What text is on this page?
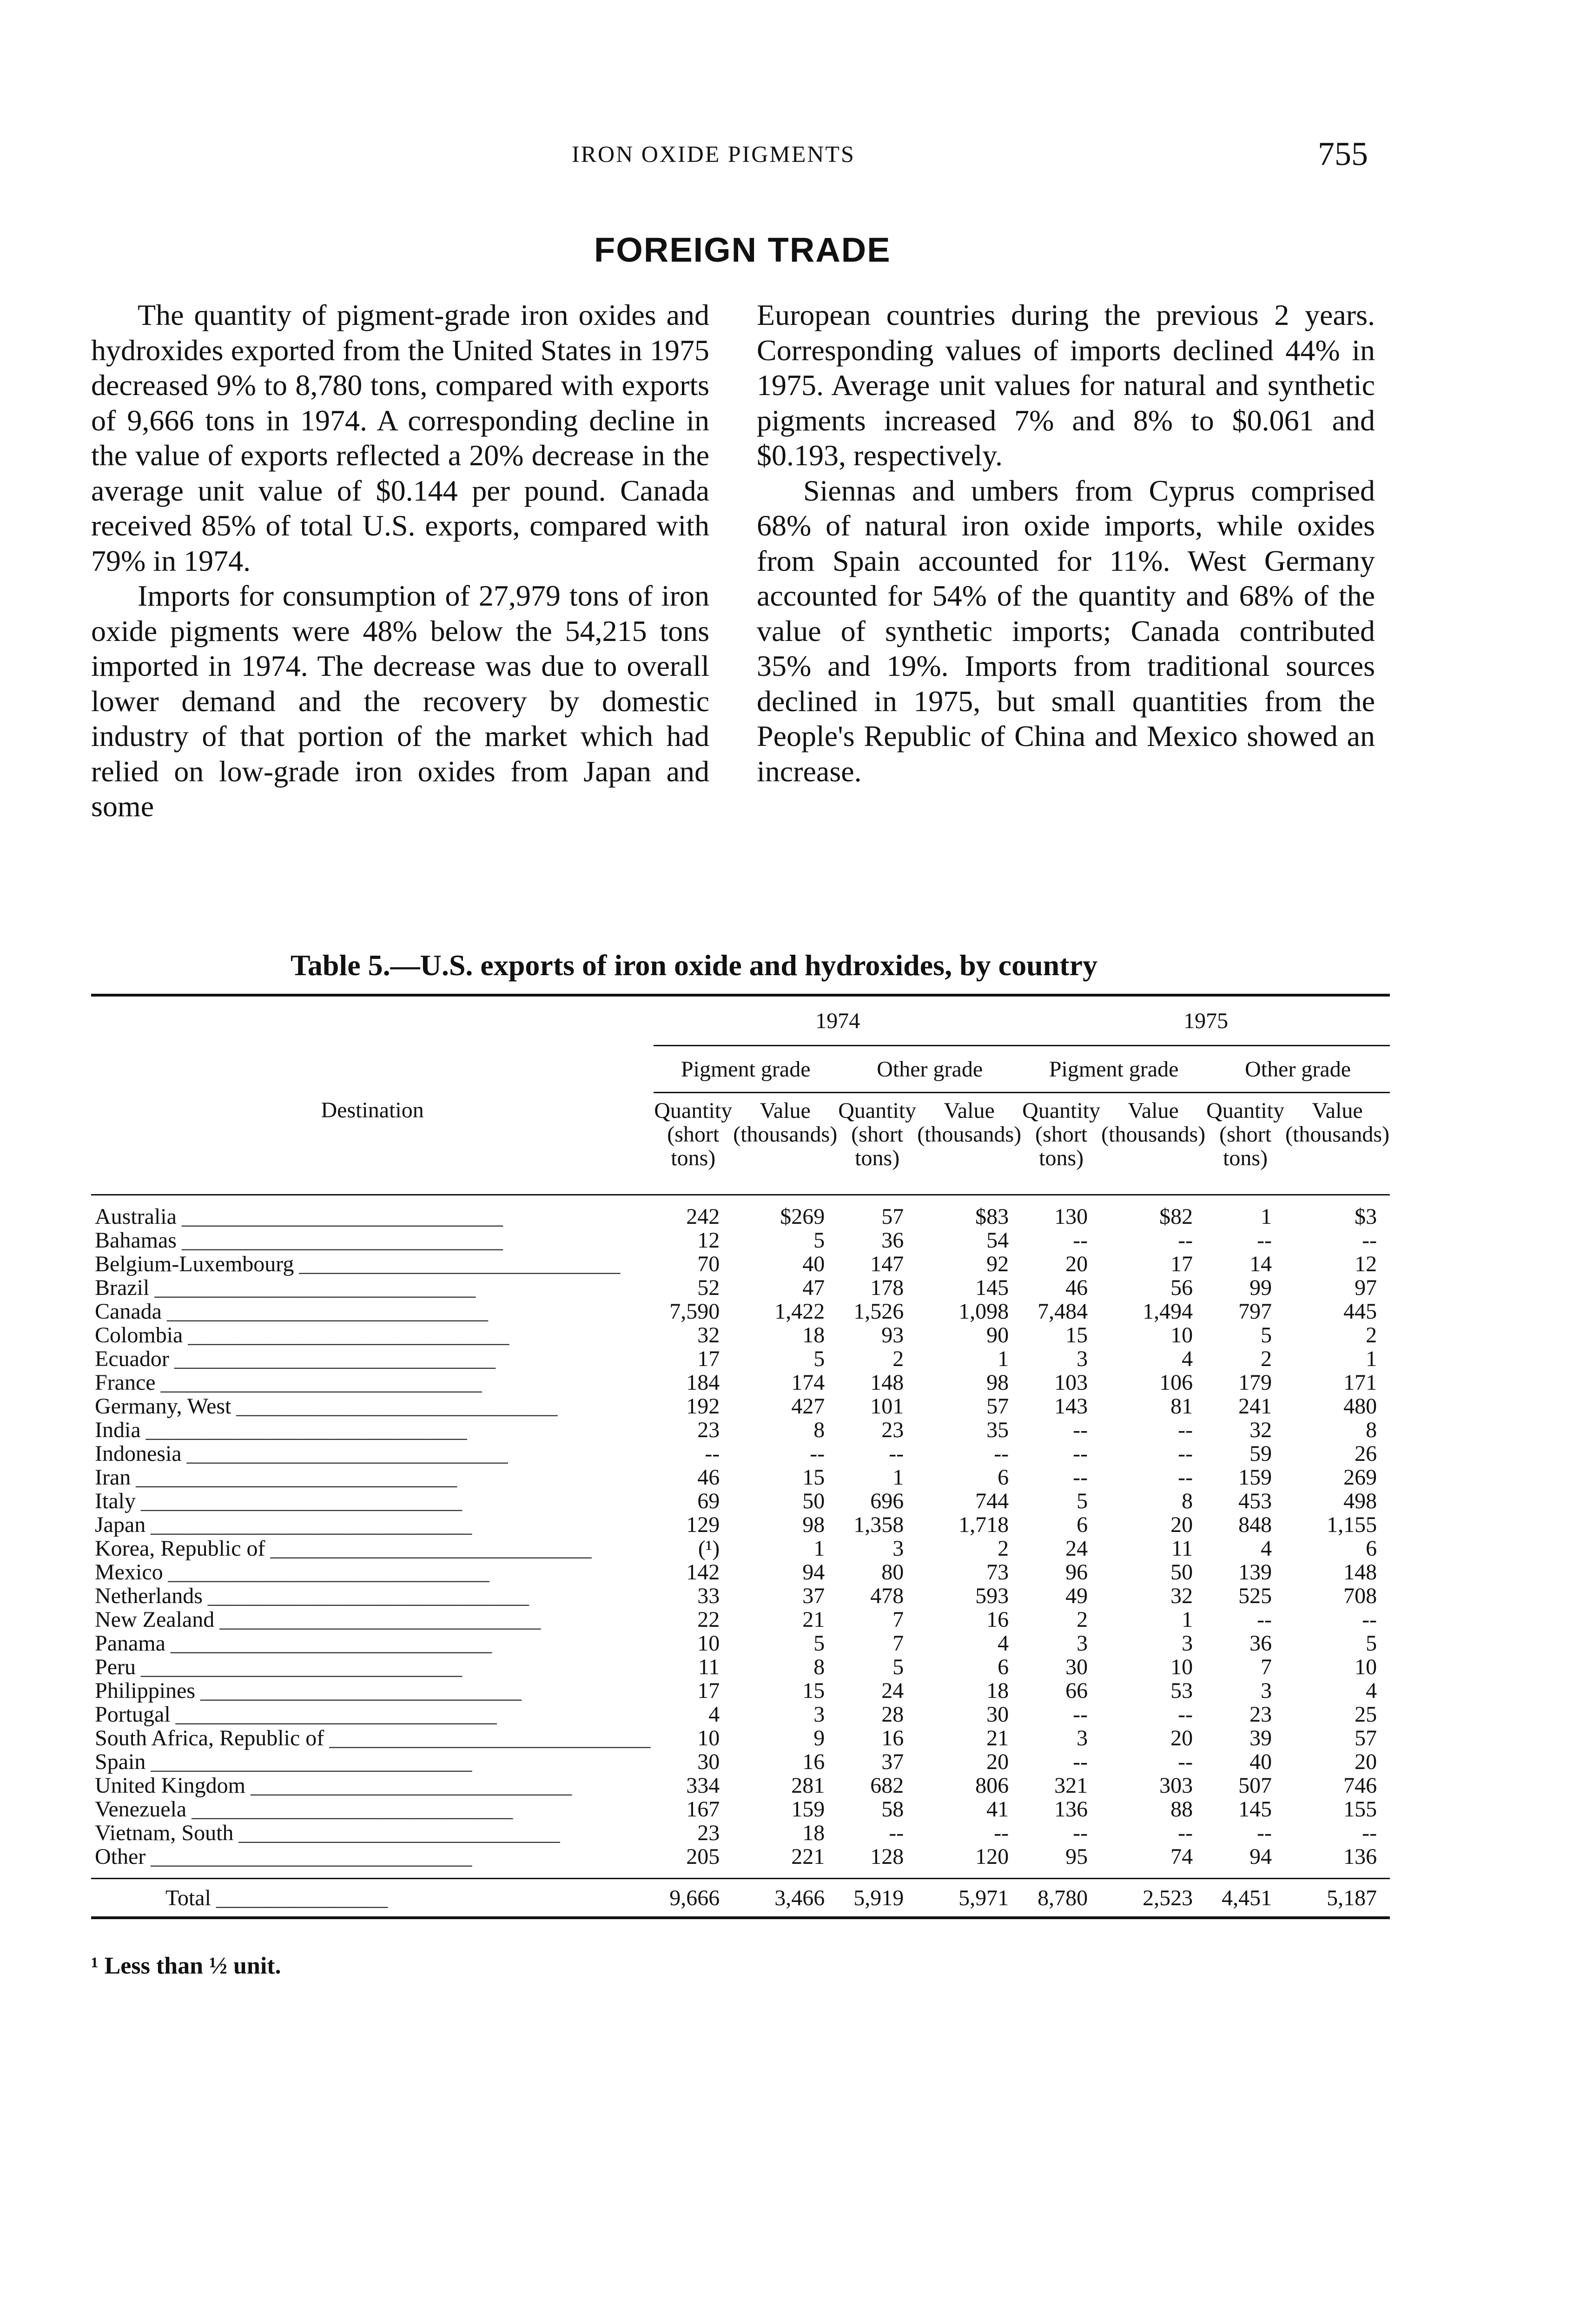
IRON OXIDE PIGMENTS	755
FOREIGN TRADE

The quantity of pigment-grade iron oxides and hydroxides exported from the United States in 1975 decreased 9% to 8,780 tons, compared with exports of 9,666 tons in 1974. A corresponding decline in the value of exports reflected a 20% decrease in the average unit value of $0.144 per pound. Canada received 85% of total U.S. exports, compared with 79% in 1974.

Imports for consumption of 27,979 tons of iron oxide pigments were 48% below the 54,215 tons imported in 1974. The decrease was due to overall lower demand and the recovery by domestic industry of that portion of the market which had relied on low-grade iron oxides from Japan and some

European countries during the previous 2 years. Corresponding values of imports declined 44% in 1975. Average unit values for natural and synthetic pigments increased 7% and 8% to $0.061 and $0.193, respectively.

Siennas and umbers from Cyprus comprised 68% of natural iron oxide imports, while oxides from Spain accounted for 11%. West Germany accounted for 54% of the quantity and 68% of the value of synthetic imports; Canada contributed 35% and 19%. Imports from traditional sources declined in 1975, but small quantities from the People's Republic of China and Mexico showed an increase.

Table 5.—U.S. exports of iron oxide and hydroxides, by country
	1974				1975			
	Pigment grade		Other grade		Pigment grade		Other grade	
Destination	Quantity (short tons)	Value (thousands)	Quantity (short tons)	Value (thousands)	Quantity (short tons)	Value (thousands)	Quantity (short tons)	Value (thousands)
Australia ______________________________	242	$269	57	$83	130	$82	1	$3
Bahamas ______________________________	12	5	36	54	--	--	--	--
Belgium-Luxembourg ______________________________	70	40	147	92	20	17	14	12
Brazil ______________________________	52	47	178	145	46	56	99	97
Canada ______________________________	7,590	1,422	1,526	1,098	7,484	1,494	797	445
Colombia ______________________________	32	18	93	90	15	10	5	2
Ecuador ______________________________	17	5	2	1	3	4	2	1
France ______________________________	184	174	148	98	103	106	179	171
Germany, West ______________________________	192	427	101	57	143	81	241	480
India ______________________________	23	8	23	35	--	--	32	8
Indonesia ______________________________	--	--	--	--	--	--	59	26
Iran ______________________________	46	15	1	6	--	--	159	269
Italy ______________________________	69	50	696	744	5	8	453	498
Japan ______________________________	129	98	1,358	1,718	6	20	848	1,155
Korea, Republic of ______________________________	(¹)	1	3	2	24	11	4	6
Mexico ______________________________	142	94	80	73	96	50	139	148
Netherlands ______________________________	33	37	478	593	49	32	525	708
New Zealand ______________________________	22	21	7	16	2	1	--	--
Panama ______________________________	10	5	7	4	3	3	36	5
Peru ______________________________	11	8	5	6	30	10	7	10
Philippines ______________________________	17	15	24	18	66	53	3	4
Portugal ______________________________	4	3	28	30	--	--	23	25
South Africa, Republic of ______________________________	10	9	16	21	3	20	39	57
Spain ______________________________	30	16	37	20	--	--	40	20
United Kingdom ______________________________	334	281	682	806	321	303	507	746
Venezuela ______________________________	167	159	58	41	136	88	145	155
Vietnam, South ______________________________	23	18	--	--	--	--	--	--
Other ______________________________	205	221	128	120	95	74	94	136
Total ________________	9,666	3,466	5,919	5,971	8,780	2,523	4,451	5,187
¹ Less than ½ unit.
